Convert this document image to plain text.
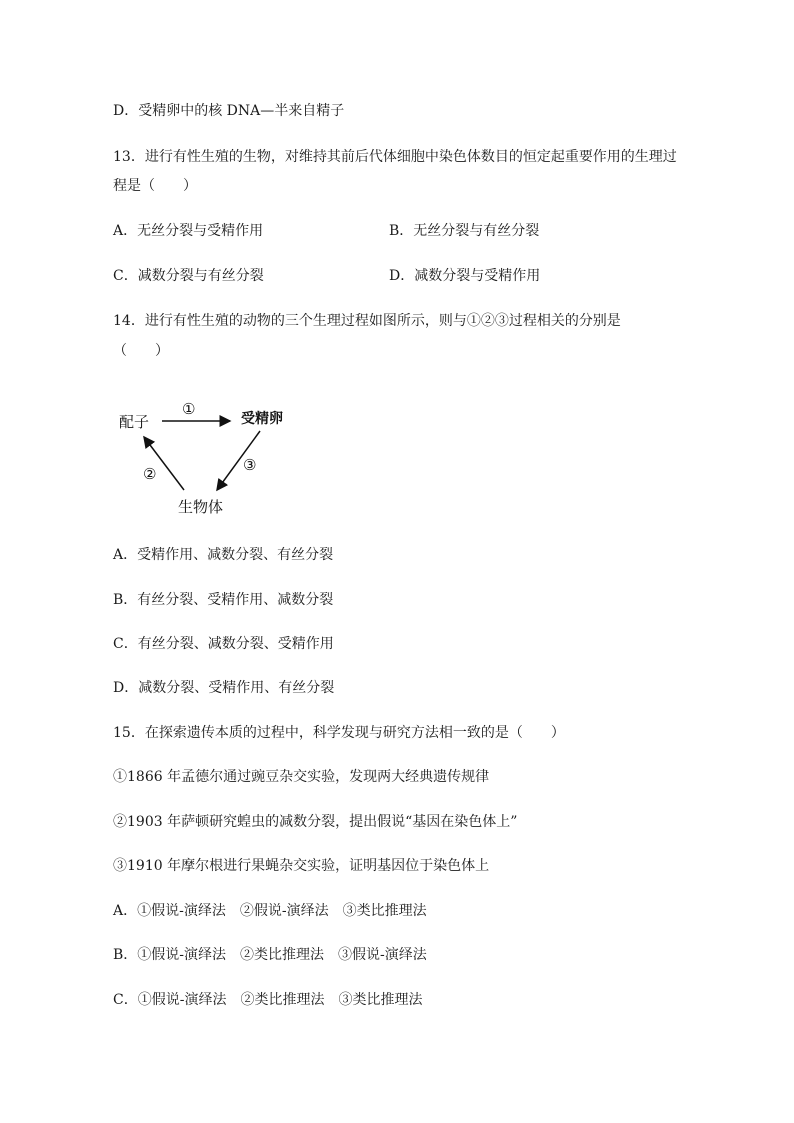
D．受精卵中的核 DNA—半来自精子
13．进行有性生殖的生物，对维持其前后代体细胞中染色体数目的恒定起重要作用的生理过
程是（　　）
A．无丝分裂与受精作用	B．无丝分裂与有丝分裂
C．减数分裂与有丝分裂	D．减数分裂与受精作用
14．进行有性生殖的动物的三个生理过程如图所示，则与①②③过程相关的分别是
（　　）
配子	受精卵
生物体
①
②	③
A．受精作用、减数分裂、有丝分裂
B．有丝分裂、受精作用、减数分裂
C．有丝分裂、减数分裂、受精作用
D．减数分裂、受精作用、有丝分裂
15．在探索遗传本质的过程中，科学发现与研究方法相一致的是（　　）
①1866 年孟德尔通过豌豆杂交实验，发现两大经典遗传规律
②1903 年萨顿研究蝗虫的减数分裂，提出假说“基因在染色体上”
③1910 年摩尔根进行果蝇杂交实验，证明基因位于染色体上
A．①假说-演绎法　②假说-演绎法　③类比推理法
B．①假说-演绎法　②类比推理法　③假说-演绎法
C．①假说-演绎法　②类比推理法　③类比推理法
